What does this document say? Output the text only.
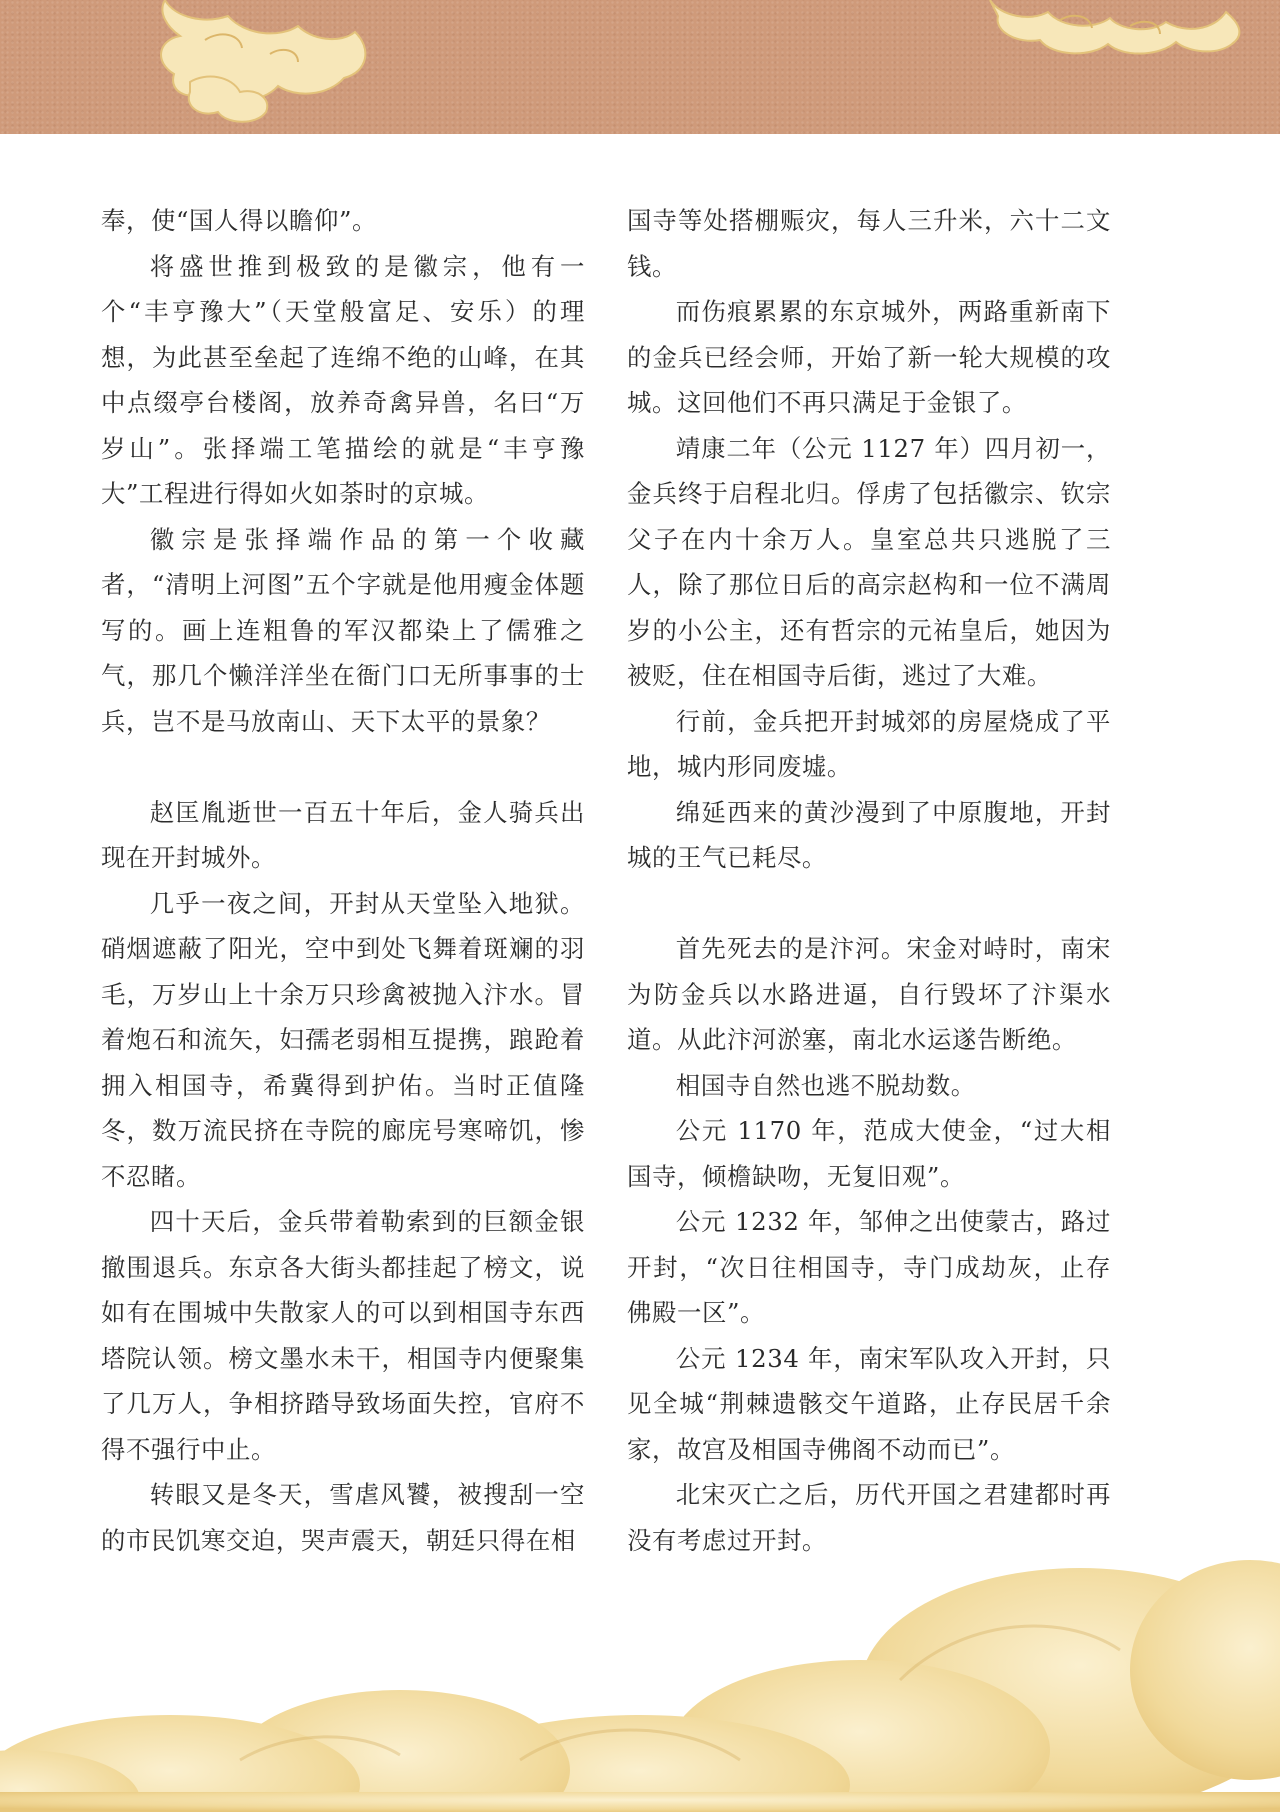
奉，使“国人得以瞻仰”。

将盛世推到极致的是徽宗，他有一个“丰亨豫大”（天堂般富足、安乐）的理想，为此甚至垒起了连绵不绝的山峰，在其中点缀亭台楼阁，放养奇禽异兽，名曰“万岁山”。张择端工笔描绘的就是“丰亨豫大”工程进行得如火如荼时的京城。

徽宗是张择端作品的第一个收藏者，“清明上河图”五个字就是他用瘦金体题写的。画上连粗鲁的军汉都染上了儒雅之气，那几个懒洋洋坐在衙门口无所事事的士兵，岂不是马放南山、天下太平的景象？

赵匡胤逝世一百五十年后，金人骑兵出现在开封城外。

几乎一夜之间，开封从天堂坠入地狱。硝烟遮蔽了阳光，空中到处飞舞着斑斓的羽毛，万岁山上十余万只珍禽被抛入汴水。冒着炮石和流矢，妇孺老弱相互提携，踉跄着拥入相国寺，希冀得到护佑。当时正值隆冬，数万流民挤在寺院的廊庑号寒啼饥，惨不忍睹。

四十天后，金兵带着勒索到的巨额金银撤围退兵。东京各大街头都挂起了榜文，说如有在围城中失散家人的可以到相国寺东西塔院认领。榜文墨水未干，相国寺内便聚集了几万人，争相挤踏导致场面失控，官府不得不强行中止。

转眼又是冬天，雪虐风饕，被搜刮一空的市民饥寒交迫，哭声震天，朝廷只得在相

国寺等处搭棚赈灾，每人三升米，六十二文钱。

而伤痕累累的东京城外，两路重新南下的金兵已经会师，开始了新一轮大规模的攻城。这回他们不再只满足于金银了。

靖康二年（公元 1127 年）四月初一，金兵终于启程北归。俘虏了包括徽宗、钦宗父子在内十余万人。皇室总共只逃脱了三人，除了那位日后的高宗赵构和一位不满周岁的小公主，还有哲宗的元祐皇后，她因为被贬，住在相国寺后街，逃过了大难。

行前，金兵把开封城郊的房屋烧成了平地，城内形同废墟。

绵延西来的黄沙漫到了中原腹地，开封城的王气已耗尽。

首先死去的是汴河。宋金对峙时，南宋为防金兵以水路进逼，自行毁坏了汴渠水道。从此汴河淤塞，南北水运遂告断绝。

相国寺自然也逃不脱劫数。

公元 1170 年，范成大使金，“过大相国寺，倾檐缺吻，无复旧观”。

公元 1232 年，邹伸之出使蒙古，路过开封，“次日往相国寺，寺门成劫灰，止存佛殿一区”。

公元 1234 年，南宋军队攻入开封，只见全城“荆棘遗骸交午道路，止存民居千余家，故宫及相国寺佛阁不动而已”。

北宋灭亡之后，历代开国之君建都时再没有考虑过开封。
